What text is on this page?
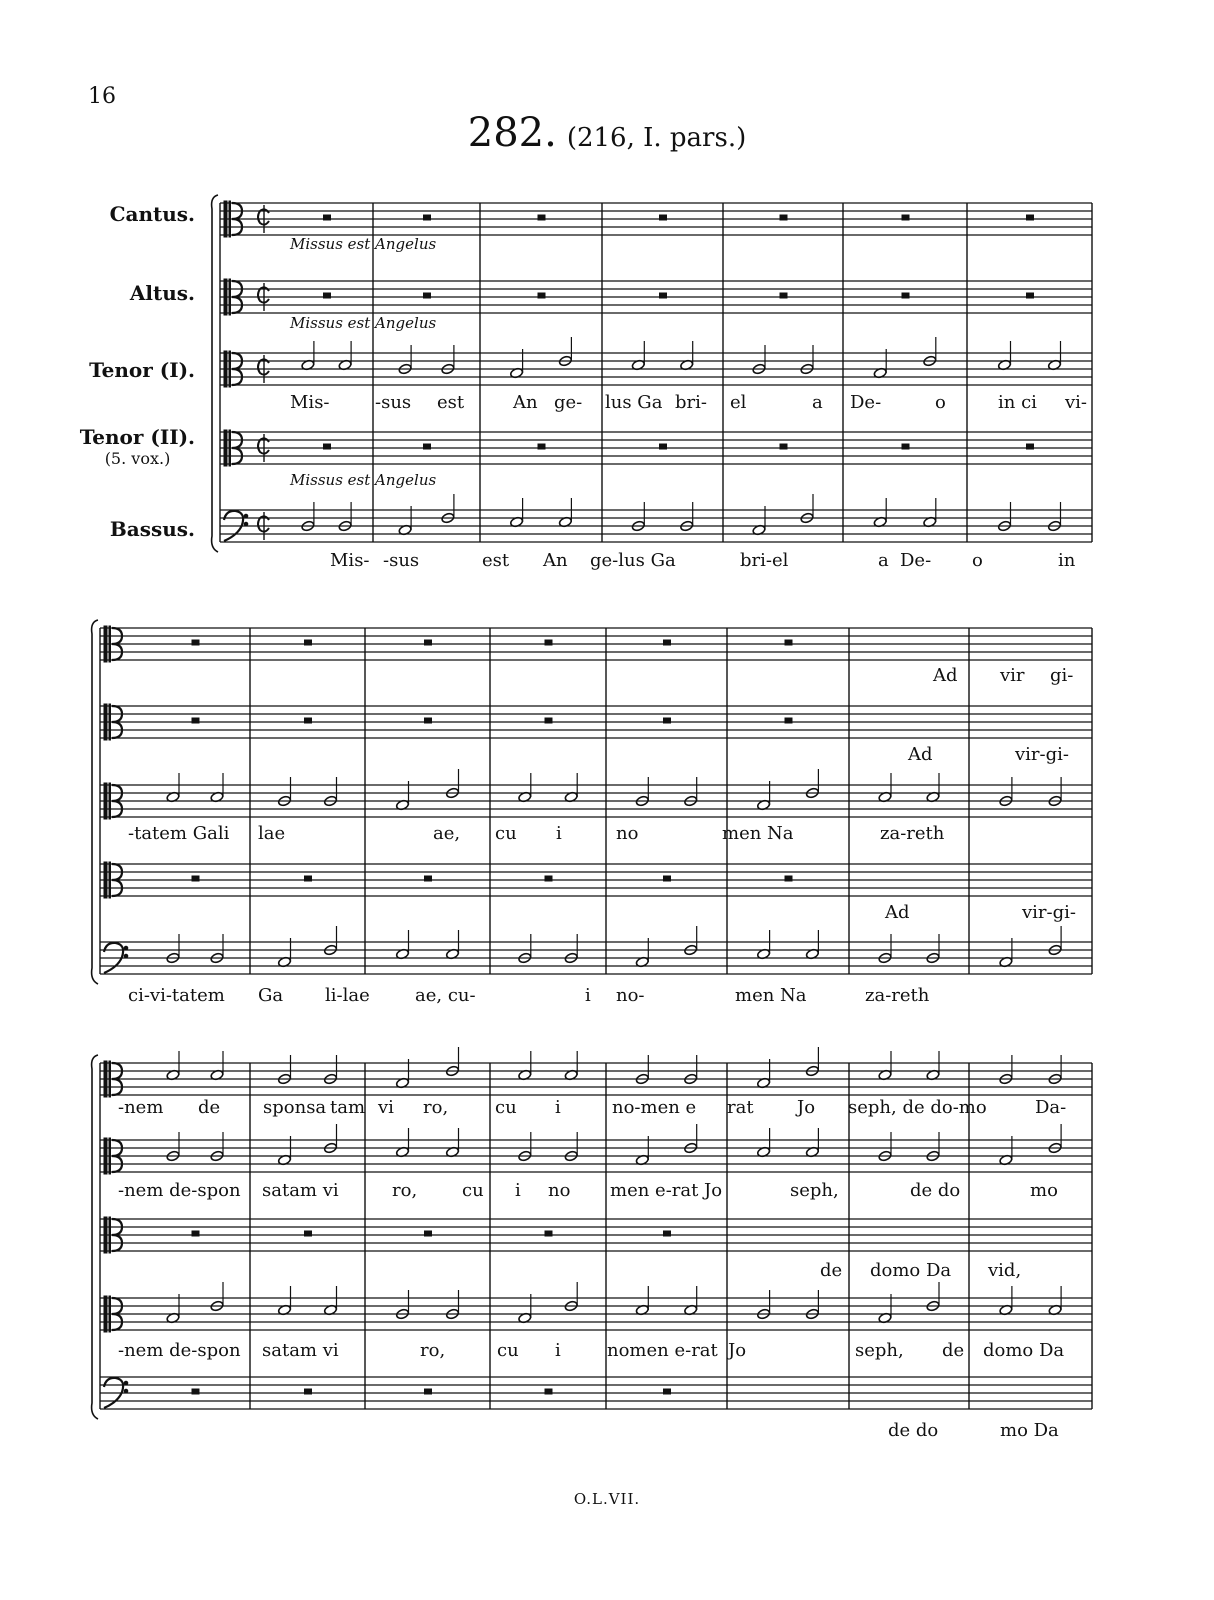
16
282. (216, I. pars.)
Cantus.
Altus.
Tenor (I).
Tenor (II).
(5. vox.)
Bassus.
Missus est Angelus
Missus est Angelus
Missus est Angelus
Mis-	-sus est	An ge- lus Ga bri- el	a De-	o	in ci vi-
Mis- -sus	est An ge-lus Ga	bri-el	a De- o	in
Ad vir gi-
Ad	vir-gi-
-tatem Gali lae	ae, cu i	no	men Na	za-reth
Ad	vir-gi-
ci-vi-tatem Ga li-lae	ae, cu-	i no-	men Na	za-reth
-nem de sponsa tam vi ro,	cu i	no-men e rat Jo seph, de do-mo	Da-
-nem de-spon satam vi	ro, cu i no men e-rat Jo	seph,	de do	mo
de domo Da vid,
-nem de-spon satam vi	ro,	cu i	nomen e-rat Jo	seph, de domo Da
de do	mo Da
O.L.VII.
